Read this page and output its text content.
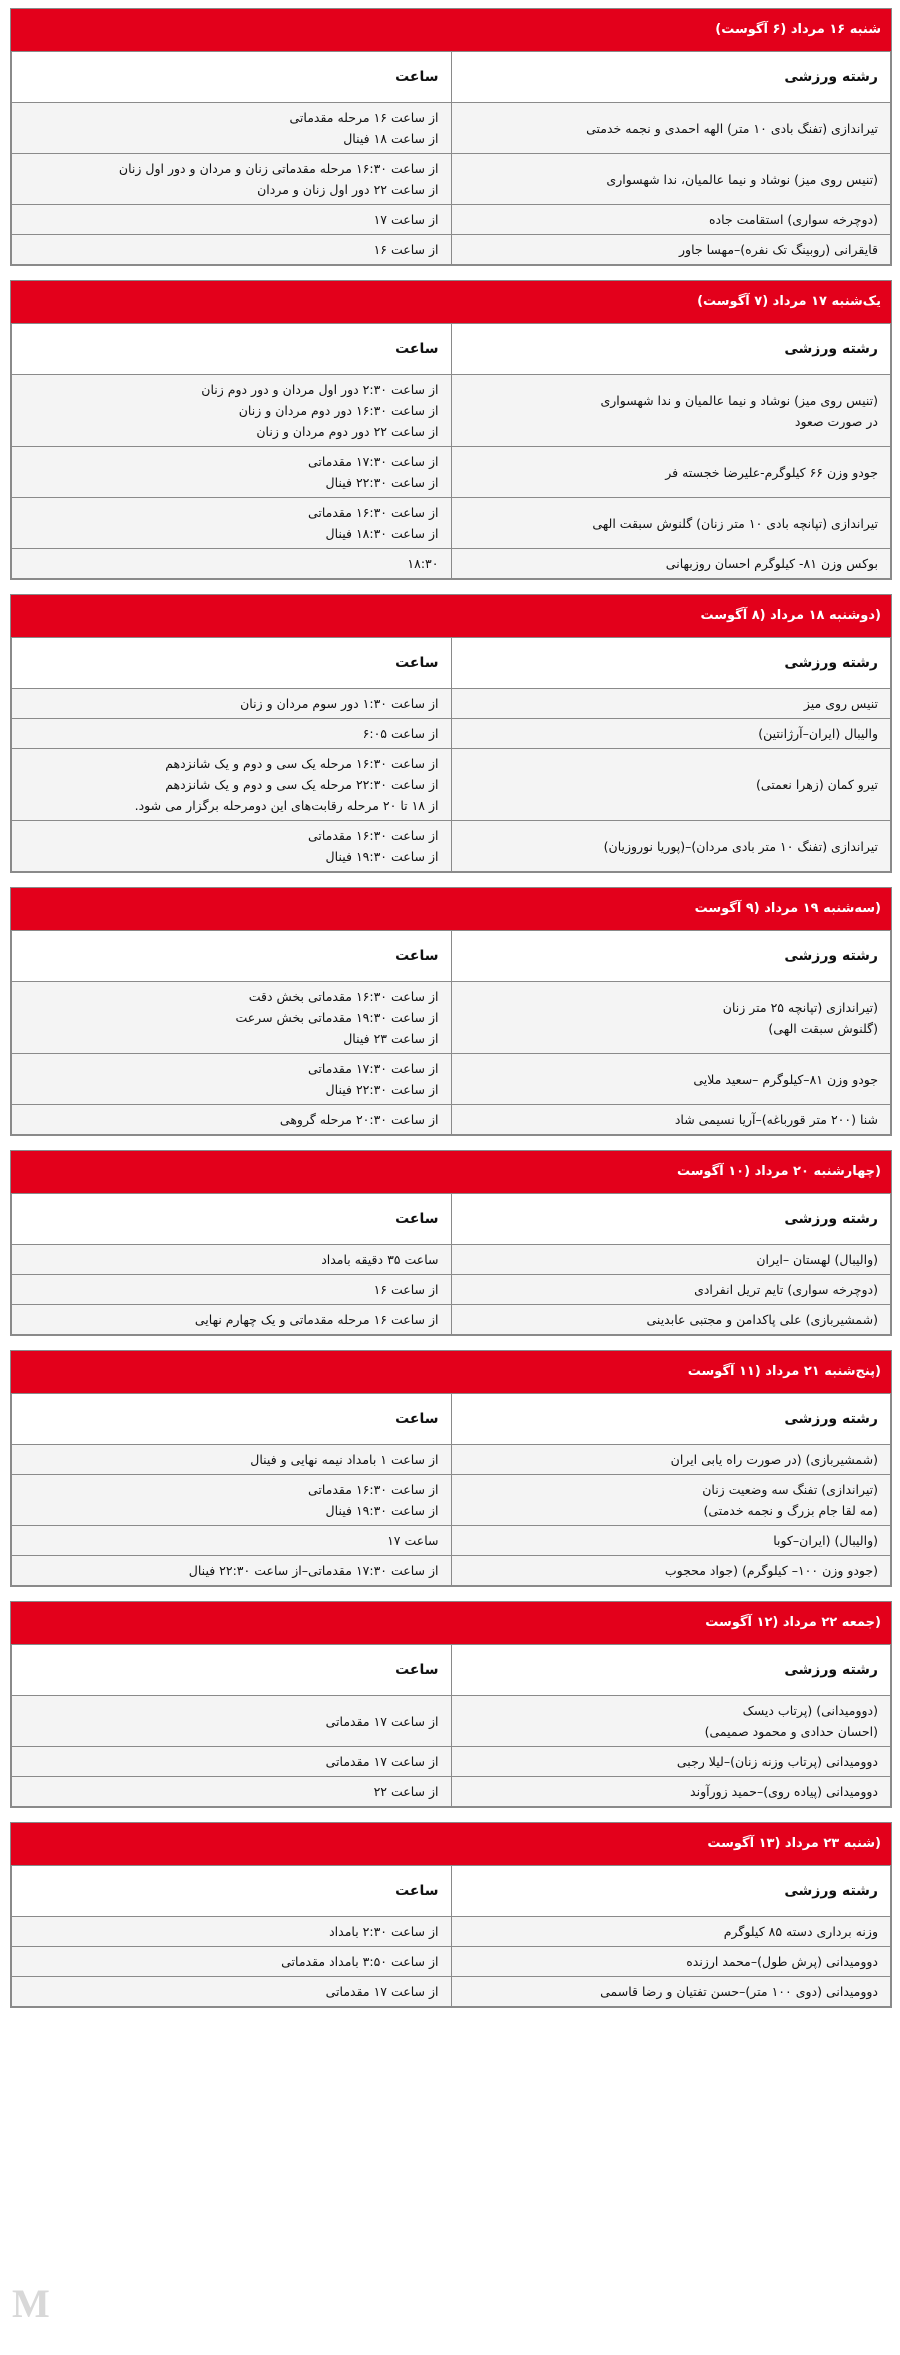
شنبه ۱۶ مرداد (۶ آگوست)
رشته ورزشی	ساعت

تیراندازی (تفنگ بادی ۱۰ متر) الهه احمدی و نجمه خدمتی	از ساعت ۱۶ مرحله مقدماتی
از ساعت ۱۸ فینال

(تنیس روی میز) نوشاد و نیما عالمیان، ندا شهسواری	از ساعت ۱۶:۳۰ مرحله مقدماتی زنان و مردان و دور اول زنان
از ساعت ۲۲ دور اول زنان و مردان

(دوچرخه سواری) استقامت جاده	از ساعت ۱۷

قایقرانی (روبینگ تک نفره)–مهسا جاور	از ساعت ۱۶
یک‌شنبه ۱۷ مرداد (۷ آگوست)
رشته ورزشی	ساعت

(تنیس روی میز) نوشاد و نیما عالمیان و ندا شهسواری
در صورت صعود	از ساعت ۲:۳۰ دور اول مردان و دور دوم زنان
از ساعت ۱۶:۳۰ دور دوم مردان و زنان
از ساعت ۲۲ دور دوم مردان و زنان

جودو وزن ۶۶ کیلوگرم-علیرضا خجسته فر	از ساعت ۱۷:۳۰ مقدماتی
از ساعت ۲۲:۳۰ فینال

تیراندازی (تپانچه بادی ۱۰ متر زنان) گلنوش سبقت الهی	از ساعت ۱۶:۳۰ مقدماتی
از ساعت ۱۸:۳۰ فینال

بوکس وزن ۸۱- کیلوگرم احسان روزبهانی	۱۸:۳۰
(دوشنبه ۱۸ مرداد (۸ آگوست
رشته ورزشی	ساعت

تنیس روی میز	از ساعت ۱:۳۰ دور سوم مردان و زنان

والیبال (ایران–آرژانتین)	از ساعت ۶:۰۵

تیرو کمان (زهرا نعمتی)	از ساعت ۱۶:۳۰ مرحله یک سی و دوم و یک شانزدهم
از ساعت ۲۲:۳۰ مرحله یک سی و دوم و یک شانزدهم
از ۱۸ تا ۲۰ مرحله رقابت‌های این دومرحله برگزار می شود.

تیراندازی (تفنگ ۱۰ متر بادی مردان)–(پوریا نوروزیان)	از ساعت ۱۶:۳۰ مقدماتی
از ساعت ۱۹:۳۰ فینال
(سه‌شنبه ۱۹ مرداد (۹ آگوست
رشته ورزشی	ساعت

(تیراندازی (تپانچه ۲۵ متر زنان
(گلنوش سبقت الهی)	از ساعت ۱۶:۳۰ مقدماتی بخش دقت
از ساعت ۱۹:۳۰ مقدماتی بخش سرعت
از ساعت ۲۳ فینال

جودو وزن ۸۱–کیلوگرم –سعید ملایی	از ساعت ۱۷:۳۰ مقدماتی
از ساعت ۲۲:۳۰ فینال

شنا (۲۰۰ متر قورباغه)–آریا نسیمی شاد	از ساعت ۲۰:۳۰ مرحله گروهی
(چهارشنبه ۲۰ مرداد (۱۰ آگوست
رشته ورزشی	ساعت

(والیبال) لهستان –ایران	ساعت ۳۵ دقیقه بامداد

(دوچرخه سواری) تایم تریل انفرادی	از ساعت ۱۶

(شمشیربازی) علی پاکدامن و مجتبی عابدینی	از ساعت ۱۶ مرحله مقدماتی و یک چهارم نهایی
(پنج‌شنبه ۲۱ مرداد (۱۱ آگوست
رشته ورزشی	ساعت

(شمشیربازی) (در صورت راه یابی ایران	از ساعت ۱ بامداد نیمه نهایی و فینال

(تیراندازی) تفنگ سه وضعیت زنان
(مه لقا جام بزرگ و نجمه خدمتی)	از ساعت ۱۶:۳۰ مقدماتی
از ساعت ۱۹:۳۰ فینال

(والیبال) (ایران–کوبا	ساعت ۱۷

(جودو وزن ۱۰۰– کیلوگرم) (جواد محجوب	از ساعت ۱۷:۳۰ مقدماتی–از ساعت ۲۲:۳۰ فینال
(جمعه ۲۲ مرداد (۱۲ آگوست
رشته ورزشی	ساعت

(دوومیدانی) (پرتاب دیسک
(احسان حدادی و محمود صمیمی)	از ساعت ۱۷ مقدماتی

دوومیدانی (پرتاب وزنه زنان)–لیلا رجبی	از ساعت ۱۷ مقدماتی

دوومیدانی (پیاده روی)–حمید زورآوند	از ساعت ۲۲
(شنبه ۲۳ مرداد (۱۳ آگوست
رشته ورزشی	ساعت

وزنه برداری دسته ۸۵ کیلوگرم	از ساعت ۲:۳۰ بامداد

دوومیدانی (پرش طول)–محمد ارزنده	از ساعت ۳:۵۰ بامداد مقدماتی

دوومیدانی (دوی ۱۰۰ متر)–حسن تفتیان و رضا قاسمی	از ساعت ۱۷ مقدماتی
M
